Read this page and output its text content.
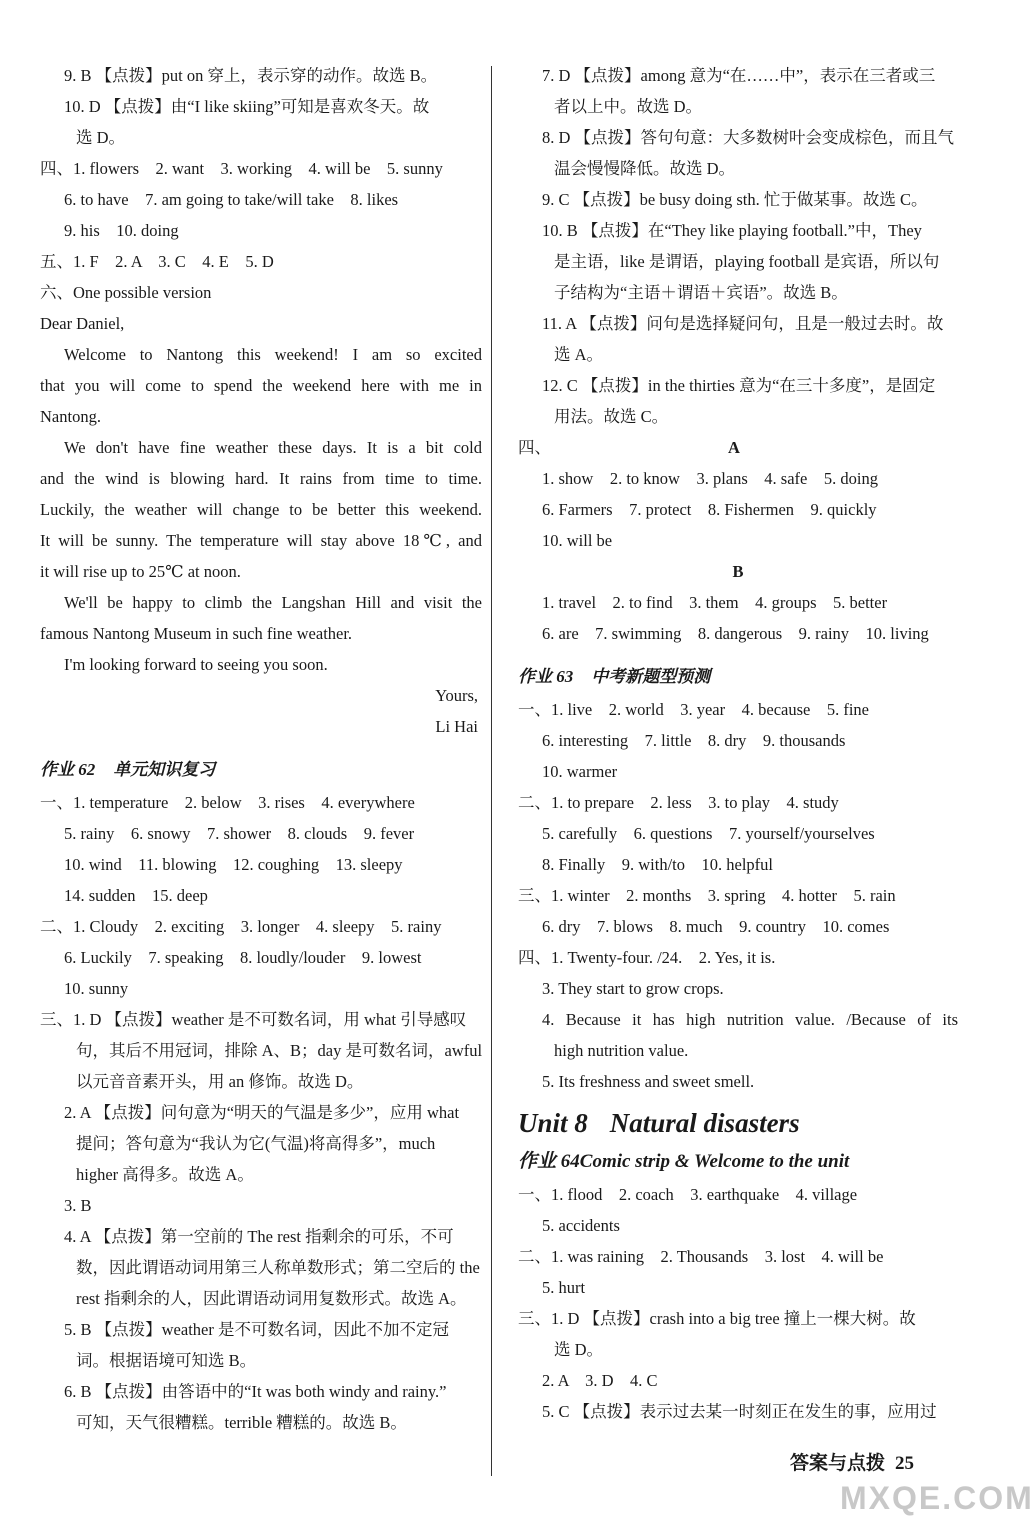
9. B 【点拨】put on 穿上，表示穿的动作。故选 B。
10. D 【点拨】由“I like skiing”可知是喜欢冬天。故
选 D。
四、1. flowers　2. want　3. working　4. will be　5. sunny
6. to have　7. am going to take/will take　8. likes
9. his　10. doing
五、1. F　2. A　3. C　4. E　5. D
六、One possible version
Dear Daniel,
Welcome to Nantong this weekend! I am so excited
that you will come to spend the weekend here with me in
Nantong.
We don't have fine weather these days. It is a bit cold
and the wind is blowing hard. It rains from time to time.
Luckily, the weather will change to be better this weekend.
It will be sunny. The temperature will stay above 18℃, and
it will rise up to 25℃ at noon.
We'll be happy to climb the Langshan Hill and visit the
famous Nantong Museum in such fine weather.
I'm looking forward to seeing you soon.
Yours,
Li Hai
作业 62 单元知识复习
一、1. temperature　2. below　3. rises　4. everywhere
5. rainy　6. snowy　7. shower　8. clouds　9. fever
10. wind　11. blowing　12. coughing　13. sleepy
14. sudden　15. deep
二、1. Cloudy　2. exciting　3. longer　4. sleepy　5. rainy
6. Luckily　7. speaking　8. loudly/louder　9. lowest
10. sunny
三、1. D 【点拨】weather 是不可数名词，用 what 引导感叹
句，其后不用冠词，排除 A、B；day 是可数名词，awful
以元音音素开头，用 an 修饰。故选 D。
2. A 【点拨】问句意为“明天的气温是多少”，应用 what
提问；答句意为“我认为它(气温)将高得多”，much
higher 高得多。故选 A。
3. B
4. A 【点拨】第一空前的 The rest 指剩余的可乐，不可
数，因此谓语动词用第三人称单数形式；第二空后的 the
rest 指剩余的人，因此谓语动词用复数形式。故选 A。
5. B 【点拨】weather 是不可数名词，因此不加不定冠
词。根据语境可知选 B。
6. B 【点拨】由答语中的“It was both windy and rainy.”
可知，天气很糟糕。terrible 糟糕的。故选 B。
7. D 【点拨】among 意为“在……中”，表示在三者或三
者以上中。故选 D。
8. D 【点拨】答句句意：大多数树叶会变成棕色，而且气
温会慢慢降低。故选 D。
9. C 【点拨】be busy doing sth. 忙于做某事。故选 C。
10. B 【点拨】在“They like playing football.”中，They
是主语，like 是谓语，playing football 是宾语，所以句
子结构为“主语＋谓语＋宾语”。故选 B。
11. A 【点拨】问句是选择疑问句，且是一般过去时。故
选 A。
12. C 【点拨】in the thirties 意为“在三十多度”，是固定
用法。故选 C。
四、	A
1. show　2. to know　3. plans　4. safe　5. doing
6. Farmers　7. protect　8. Fishermen　9. quickly
10. will be
B
1. travel　2. to find　3. them　4. groups　5. better
6. are　7. swimming　8. dangerous　9. rainy　10. living
作业 63 中考新题型预测
一、1. live　2. world　3. year　4. because　5. fine
6. interesting　7. little　8. dry　9. thousands
10. warmer
二、1. to prepare　2. less　3. to play　4. study
5. carefully　6. questions　7. yourself/yourselves
8. Finally　9. with/to　10. helpful
三、1. winter　2. months　3. spring　4. hotter　5. rain
6. dry　7. blows　8. much　9. country　10. comes
四、1. Twenty-four. /24.　2. Yes, it is.
3. They start to grow crops.
4. Because it has high nutrition value. /Because of its
high nutrition value.
5. Its freshness and sweet smell.
Unit 8 Natural disasters
作业 64Comic strip & Welcome to the unit
一、1. flood　2. coach　3. earthquake　4. village
5. accidents
二、1. was raining　2. Thousands　3. lost　4. will be
5. hurt
三、1. D 【点拨】crash into a big tree 撞上一棵大树。故
选 D。
2. A　3. D　4. C
5. C 【点拨】表示过去某一时刻正在发生的事，应用过
答案与点拨 25
MXQE.COM
